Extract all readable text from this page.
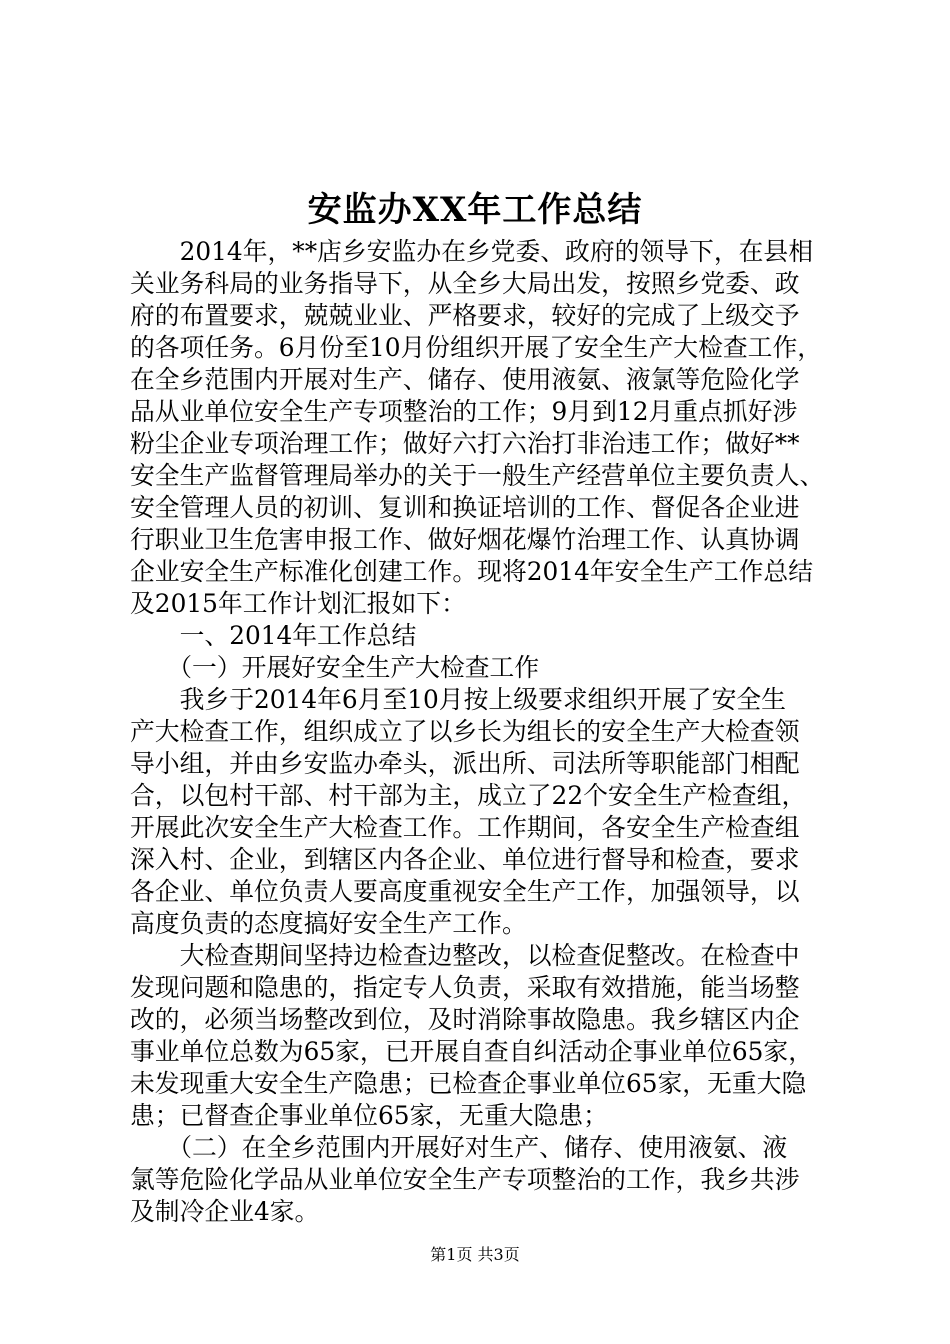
安监办XX年工作总结

　　2014年，**店乡安监办在乡党委、政府的领导下，在县相

关业务科局的业务指导下，从全乡大局出发，按照乡党委、政

府的布置要求，兢兢业业、严格要求，较好的完成了上级交予

的各项任务。6月份至10月份组织开展了安全生产大检查工作，

在全乡范围内开展对生产、储存、使用液氨、液氯等危险化学

品从业单位安全生产专项整治的工作；9月到12月重点抓好涉

粉尘企业专项治理工作；做好六打六治打非治违工作；做好**

安全生产监督管理局举办的关于一般生产经营单位主要负责人、

安全管理人员的初训、复训和换证培训的工作、督促各企业进

行职业卫生危害申报工作、做好烟花爆竹治理工作、认真协调

企业安全生产标准化创建工作。现将2014年安全生产工作总结

及2015年工作计划汇报如下：

　　一、2014年工作总结

　　（一）开展好安全生产大检查工作

　　我乡于2014年6月至10月按上级要求组织开展了安全生

产大检查工作，组织成立了以乡长为组长的安全生产大检查领

导小组，并由乡安监办牵头，派出所、司法所等职能部门相配

合，以包村干部、村干部为主，成立了22个安全生产检查组，

开展此次安全生产大检查工作。工作期间，各安全生产检查组

深入村、企业，到辖区内各企业、单位进行督导和检查，要求

各企业、单位负责人要高度重视安全生产工作，加强领导，以

高度负责的态度搞好安全生产工作。

　　大检查期间坚持边检查边整改，以检查促整改。在检查中

发现问题和隐患的，指定专人负责，采取有效措施，能当场整

改的，必须当场整改到位，及时消除事故隐患。我乡辖区内企

事业单位总数为65家，已开展自查自纠活动企事业单位65家，

未发现重大安全生产隐患；已检查企事业单位65家，无重大隐

患；已督查企事业单位65家，无重大隐患；

　　（二）在全乡范围内开展好对生产、储存、使用液氨、液

氯等危险化学品从业单位安全生产专项整治的工作，我乡共涉

及制冷企业4家。

第1页 共3页
